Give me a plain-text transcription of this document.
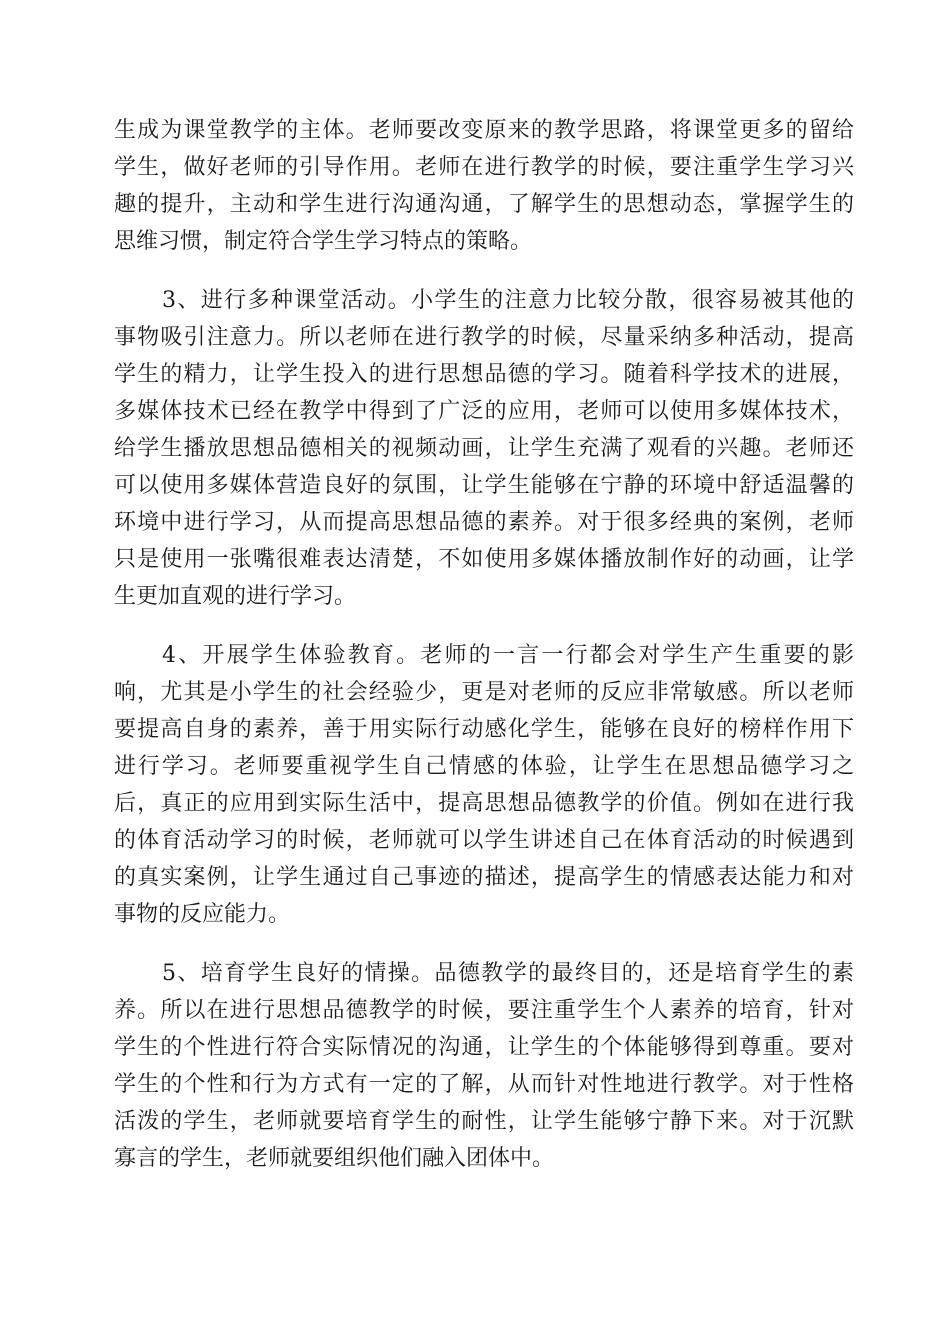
生成为课堂教学的主体。老师要改变原来的教学思路，将课堂更多的留给
学生，做好老师的引导作用。老师在进行教学的时候，要注重学生学习兴
趣的提升，主动和学生进行沟通沟通，了解学生的思想动态，掌握学生的
思维习惯，制定符合学生学习特点的策略。
3、进行多种课堂活动。小学生的注意力比较分散，很容易被其他的
事物吸引注意力。所以老师在进行教学的时候，尽量采纳多种活动，提高
学生的精力，让学生投入的进行思想品德的学习。随着科学技术的进展，
多媒体技术已经在教学中得到了广泛的应用，老师可以使用多媒体技术，
给学生播放思想品德相关的视频动画，让学生充满了观看的兴趣。老师还
可以使用多媒体营造良好的氛围，让学生能够在宁静的环境中舒适温馨的
环境中进行学习，从而提高思想品德的素养。对于很多经典的案例，老师
只是使用一张嘴很难表达清楚，不如使用多媒体播放制作好的动画，让学
生更加直观的进行学习。
4、开展学生体验教育。老师的一言一行都会对学生产生重要的影
响，尤其是小学生的社会经验少，更是对老师的反应非常敏感。所以老师
要提高自身的素养，善于用实际行动感化学生，能够在良好的榜样作用下
进行学习。老师要重视学生自己情感的体验，让学生在思想品德学习之
后，真正的应用到实际生活中，提高思想品德教学的价值。例如在进行我
的体育活动学习的时候，老师就可以学生讲述自己在体育活动的时候遇到
的真实案例，让学生通过自己事迹的描述，提高学生的情感表达能力和对
事物的反应能力。
5、培育学生良好的情操。品德教学的最终目的，还是培育学生的素
养。所以在进行思想品德教学的时候，要注重学生个人素养的培育，针对
学生的个性进行符合实际情况的沟通，让学生的个体能够得到尊重。要对
学生的个性和行为方式有一定的了解，从而针对性地进行教学。对于性格
活泼的学生，老师就要培育学生的耐性，让学生能够宁静下来。对于沉默
寡言的学生，老师就要组织他们融入团体中。
